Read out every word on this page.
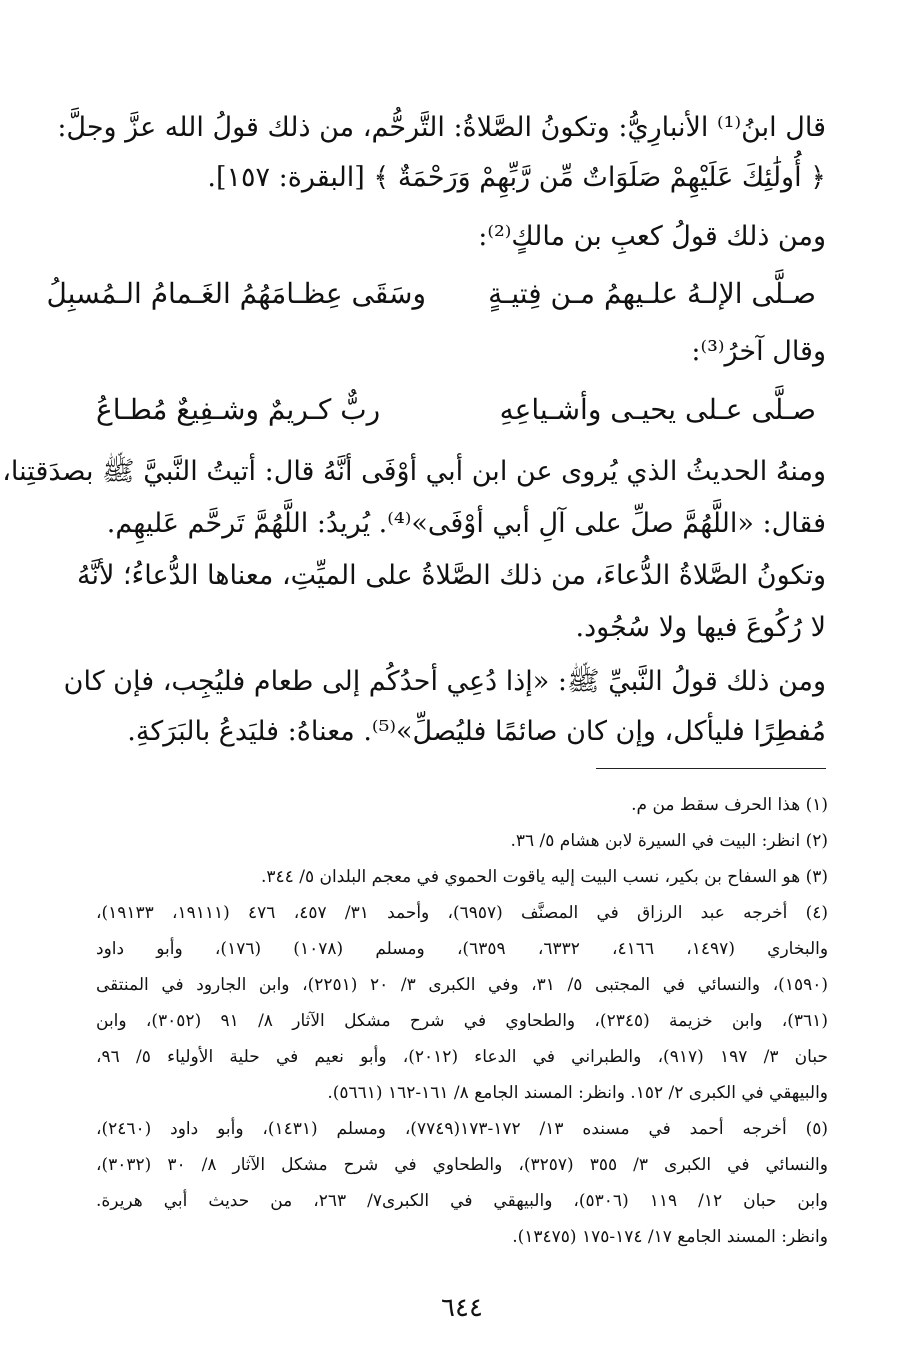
قال ابنُ⁽¹⁾ الأنبارِيُّ: وتكونُ الصَّلاةُ: التَّرحُّم، من ذلك قولُ الله عزَّ وجلَّ:
﴿ أُولَٰئِكَ عَلَيْهِمْ صَلَوَاتٌ مِّن رَّبِّهِمْ وَرَحْمَةٌ ﴾ [البقرة: ١٥٧].
ومن ذلك قولُ كعبِ بن مالكٍ⁽²⁾:
صـلَّى الإلـهُ علـيهمُ مـن فِتيـةٍ
وسَقَى عِظـامَهُمُ الغَـمامُ الـمُسبِلُ
وقال آخرُ⁽³⁾:
صـلَّى عـلى يحيـى وأشـياعِهِ
ربٌّ كـريمٌ وشـفِيعٌ مُطـاعُ
ومنهُ الحديثُ الذي يُروى عن ابن أبي أوْفَى أنَّهُ قال: أتيتُ النَّبيَّ ﷺ بصدَقتِنا،
فقال: «اللَّهُمَّ صلِّ على آلِ أبي أوْفَى»⁽⁴⁾. يُريدُ: اللَّهُمَّ تَرحَّم عَليهِم.
وتكونُ الصَّلاةُ الدُّعاءَ، من ذلك الصَّلاةُ على الميِّتِ، معناها الدُّعاءُ؛ لأنَّهُ
لا رُكُوعَ فيها ولا سُجُود.
ومن ذلك قولُ النَّبيِّ ﷺ: «إذا دُعِي أحدُكُم إلى طعام فليُجِب، فإن كان
مُفطِرًا فليأكل، وإن كان صائمًا فليُصلِّ»⁽⁵⁾. معناهُ: فليَدعُ بالبَرَكةِ.
(١) هذا الحرف سقط من م.
(٢) انظر: البيت في السيرة لابن هشام ٥/ ٣٦.
(٣) هو السفاح بن بكير، نسب البيت إليه ياقوت الحموي في معجم البلدان ٥/ ٣٤٤.
(٤) أخرجه عبد الرزاق في المصنَّف (٦٩٥٧)، وأحمد ٣١/ ٤٥٧، ٤٧٦ (١٩١١١، ١٩١٣٣)،
والبخاري (١٤٩٧، ٤١٦٦، ٦٣٣٢، ٦٣٥٩)، ومسلم (١٠٧٨) (١٧٦)، وأبو داود
(١٥٩٠)، والنسائي في المجتبى ٥/ ٣١، وفي الكبرى ٣/ ٢٠ (٢٢٥١)، وابن الجارود في المنتقى
(٣٦١)، وابن خزيمة (٢٣٤٥)، والطحاوي في شرح مشكل الآثار ٨/ ٩١ (٣٠٥٢)، وابن
حبان ٣/ ١٩٧ (٩١٧)، والطبراني في الدعاء (٢٠١٢)، وأبو نعيم في حلية الأولياء ٥/ ٩٦،
والبيهقي في الكبرى ٢/ ١٥٢. وانظر: المسند الجامع ٨/ ١٦١-١٦٢ (٥٦٦١).
(٥) أخرجه أحمد في مسنده ١٣/ ١٧٢-١٧٣(٧٧٤٩)، ومسلم (١٤٣١)، وأبو داود (٢٤٦٠)،
والنسائي في الكبرى ٣/ ٣٥٥ (٣٢٥٧)، والطحاوي في شرح مشكل الآثار ٨/ ٣٠ (٣٠٣٢)،
وابن حبان ١٢/ ١١٩ (٥٣٠٦)، والبيهقي في الكبرى٧/ ٢٦٣، من حديث أبي هريرة.
وانظر: المسند الجامع ١٧/ ١٧٤-١٧٥ (١٣٤٧٥).
٦٤٤
